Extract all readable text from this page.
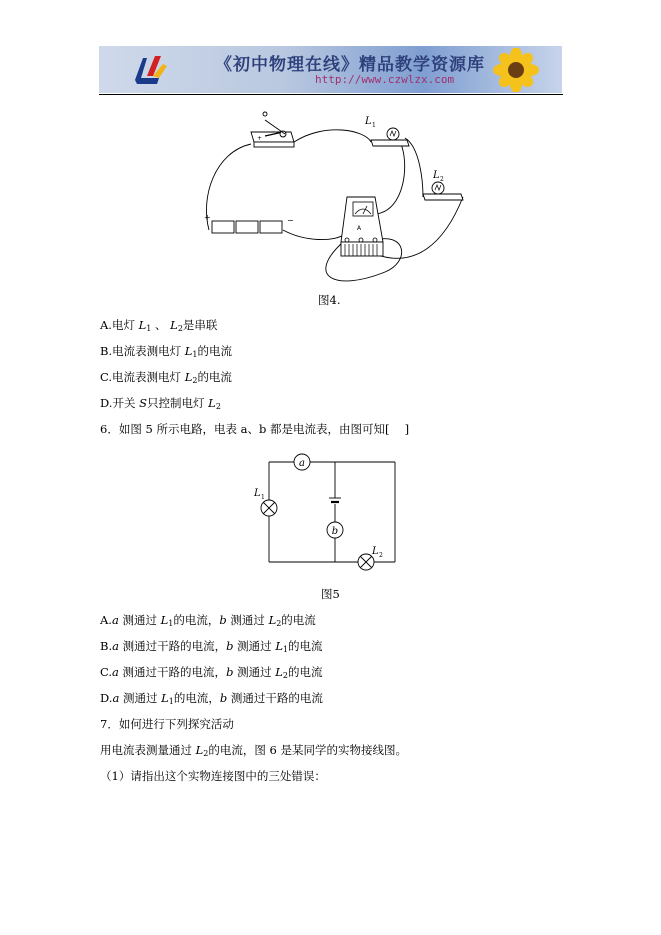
《初中物理在线》精品教学资源库
http://www.czwlzx.com
+
L 1
L 2
+	−
A
图4.
A.电灯 $L_1$ 、 $L_2$是串联
B.电流表测电灯 $L_1$的电流
C.电流表测电灯 $L_2$的电流
D.开关 S只控制电灯 $L_2$
6．如图 5 所示电路，电表 a、b 都是电流表，由图可知[　 ]
a
b
L 1
L 2
图5
A.a 测通过 $L_1$的电流，b 测通过 $L_2$的电流
B.a 测通过干路的电流，b 测通过 $L_1$的电流
C.a 测通过干路的电流，b 测通过 $L_2$的电流
D.a 测通过 $L_1$的电流，b 测通过干路的电流
7．如何进行下列探究活动
用电流表测量通过 $L_2$的电流，图 6 是某同学的实物接线图。
（1）请指出这个实物连接图中的三处错误：
